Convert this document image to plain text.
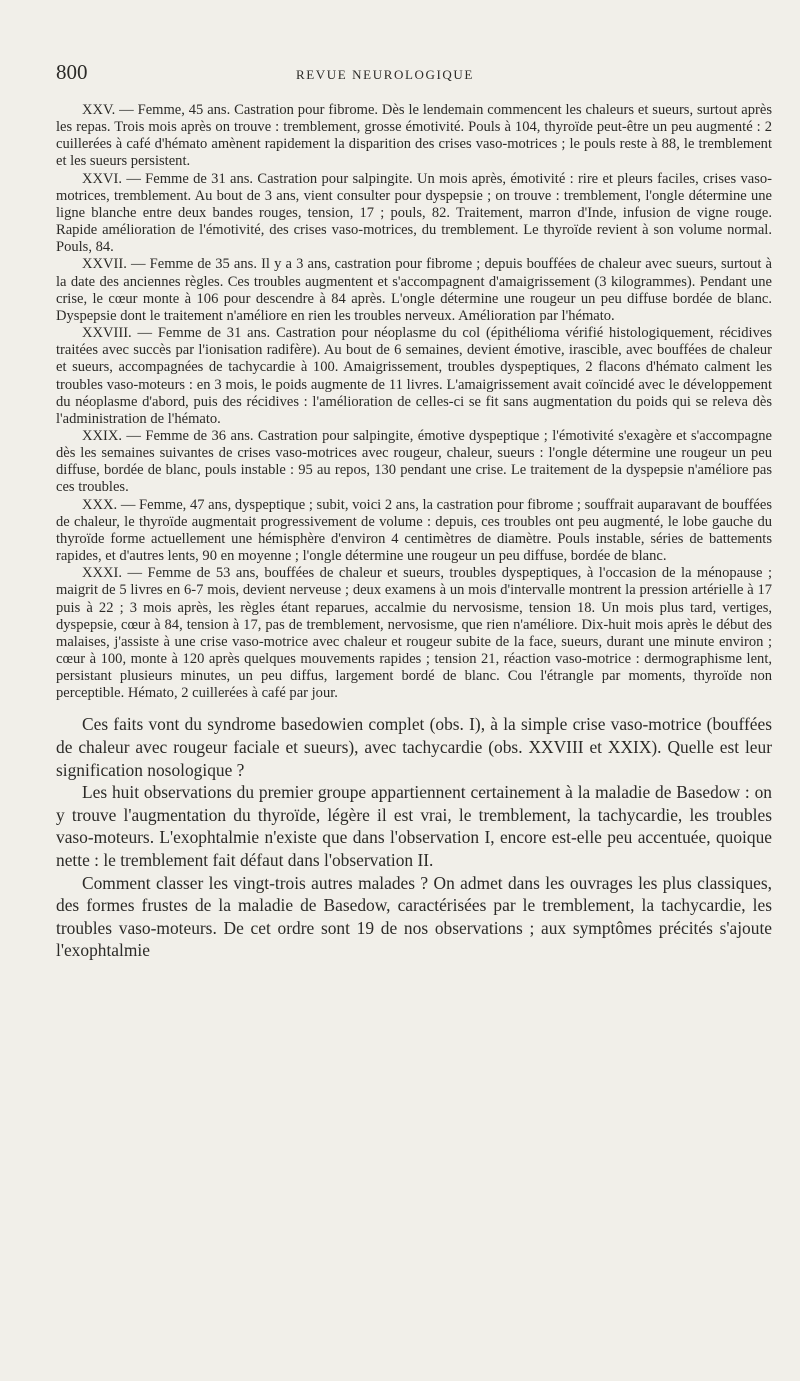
800	REVUE NEUROLOGIQUE

XXV. — Femme, 45 ans. Castration pour fibrome. Dès le lendemain commencent les chaleurs et sueurs, surtout après les repas. Trois mois après on trouve : tremblement, grosse émotivité. Pouls à 104, thyroïde peut-être un peu augmenté : 2 cuillerées à café d'hémato amènent rapidement la disparition des crises vaso-motrices ; le pouls reste à 88, le tremblement et les sueurs persistent.

XXVI. — Femme de 31 ans. Castration pour salpingite. Un mois après, émotivité : rire et pleurs faciles, crises vaso-motrices, tremblement. Au bout de 3 ans, vient consulter pour dyspepsie ; on trouve : tremblement, l'ongle détermine une ligne blanche entre deux bandes rouges, tension, 17 ; pouls, 82. Traitement, marron d'Inde, infusion de vigne rouge. Rapide amélioration de l'émotivité, des crises vaso-motrices, du tremblement. Le thyroïde revient à son volume normal. Pouls, 84.

XXVII. — Femme de 35 ans. Il y a 3 ans, castration pour fibrome ; depuis bouffées de chaleur avec sueurs, surtout à la date des anciennes règles. Ces troubles augmentent et s'accompagnent d'amaigrissement (3 kilogrammes). Pendant une crise, le cœur monte à 106 pour descendre à 84 après. L'ongle détermine une rougeur un peu diffuse bordée de blanc. Dyspepsie dont le traitement n'améliore en rien les troubles nerveux. Amélioration par l'hémato.

XXVIII. — Femme de 31 ans. Castration pour néoplasme du col (épithélioma vérifié histologiquement, récidives traitées avec succès par l'ionisation radifère). Au bout de 6 semaines, devient émotive, irascible, avec bouffées de chaleur et sueurs, accompagnées de tachycardie à 100. Amaigrissement, troubles dyspeptiques, 2 flacons d'hémato calment les troubles vaso-moteurs : en 3 mois, le poids augmente de 11 livres. L'amaigrissement avait coïncidé avec le développement du néoplasme d'abord, puis des récidives : l'amélioration de celles-ci se fit sans augmentation du poids qui se releva dès l'administration de l'hémato.

XXIX. — Femme de 36 ans. Castration pour salpingite, émotive dyspeptique ; l'émotivité s'exagère et s'accompagne dès les semaines suivantes de crises vaso-motrices avec rougeur, chaleur, sueurs : l'ongle détermine une rougeur un peu diffuse, bordée de blanc, pouls instable : 95 au repos, 130 pendant une crise. Le traitement de la dyspepsie n'améliore pas ces troubles.

XXX. — Femme, 47 ans, dyspeptique ; subit, voici 2 ans, la castration pour fibrome ; souffrait auparavant de bouffées de chaleur, le thyroïde augmentait progressivement de volume : depuis, ces troubles ont peu augmenté, le lobe gauche du thyroïde forme actuellement une hémisphère d'environ 4 centimètres de diamètre. Pouls instable, séries de battements rapides, et d'autres lents, 90 en moyenne ; l'ongle détermine une rougeur un peu diffuse, bordée de blanc.

XXXI. — Femme de 53 ans, bouffées de chaleur et sueurs, troubles dyspeptiques, à l'occasion de la ménopause ; maigrit de 5 livres en 6-7 mois, devient nerveuse ; deux examens à un mois d'intervalle montrent la pression artérielle à 17 puis à 22 ; 3 mois après, les règles étant reparues, accalmie du nervosisme, tension 18. Un mois plus tard, vertiges, dyspepsie, cœur à 84, tension à 17, pas de tremblement, nervosisme, que rien n'améliore. Dix-huit mois après le début des malaises, j'assiste à une crise vaso-motrice avec chaleur et rougeur subite de la face, sueurs, durant une minute environ ; cœur à 100, monte à 120 après quelques mouvements rapides ; tension 21, réaction vaso-motrice : dermographisme lent, persistant plusieurs minutes, un peu diffus, largement bordé de blanc. Cou l'étrangle par moments, thyroïde non perceptible. Hémato, 2 cuillerées à café par jour.

Ces faits vont du syndrome basedowien complet (obs. I), à la simple crise vaso-motrice (bouffées de chaleur avec rougeur faciale et sueurs), avec tachycardie (obs. XXVIII et XXIX). Quelle est leur signification nosologique ?

Les huit observations du premier groupe appartiennent certainement à la maladie de Basedow : on y trouve l'augmentation du thyroïde, légère il est vrai, le tremblement, la tachycardie, les troubles vaso-moteurs. L'exophtalmie n'existe que dans l'observation I, encore est-elle peu accentuée, quoique nette : le tremblement fait défaut dans l'observation II.

Comment classer les vingt-trois autres malades ? On admet dans les ouvrages les plus classiques, des formes frustes de la maladie de Basedow, caractérisées par le tremblement, la tachycardie, les troubles vaso-moteurs. De cet ordre sont 19 de nos observations ; aux symptômes précités s'ajoute l'exophtalmie
